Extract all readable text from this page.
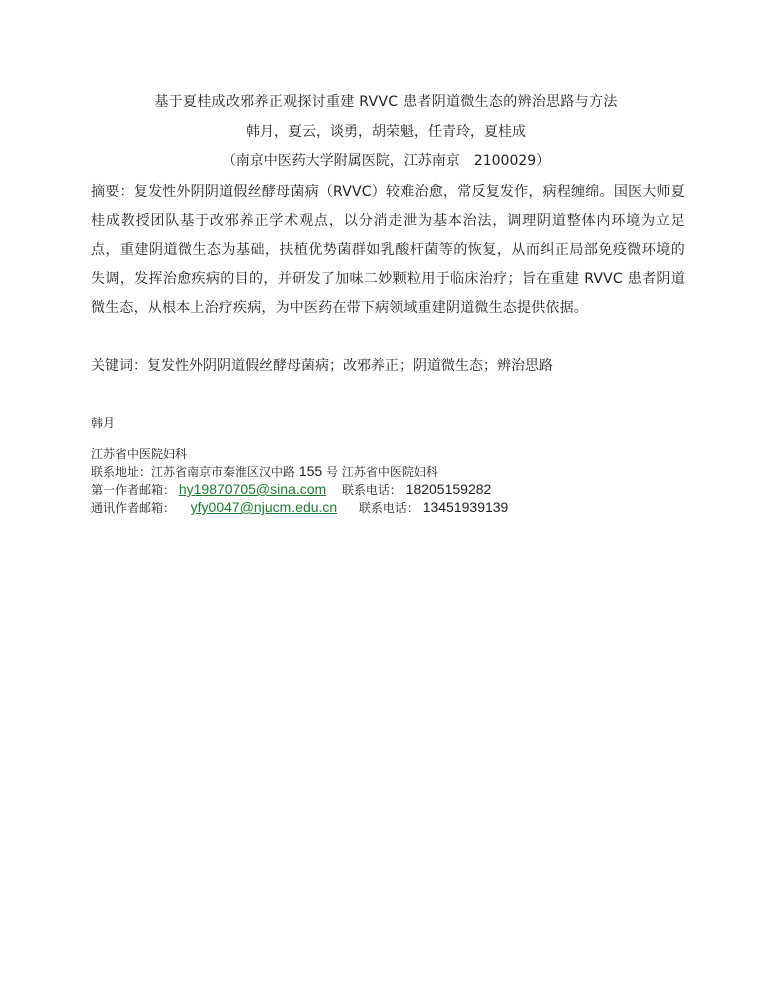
基于夏桂成改邪养正观探讨重建 RVVC 患者阴道微生态的辨治思路与方法
韩月，夏云，谈勇，胡荣魁，任青玲，夏桂成
（南京中医药大学附属医院，江苏南京　2100029）

摘要：复发性外阴阴道假丝酵母菌病（RVVC）较难治愈，常反复发作，病程缠绵。国医大师夏桂成教授团队基于改邪养正学术观点，以分消走泄为基本治法，调理阴道整体内环境为立足点，重建阴道微生态为基础，扶植优势菌群如乳酸杆菌等的恢复，从而纠正局部免疫微环境的失调，发挥治愈疾病的目的，并研发了加味二妙颗粒用于临床治疗；旨在重建 RVVC 患者阴道微生态，从根本上治疗疾病，为中医药在带下病领域重建阴道微生态提供依据。

关键词：复发性外阴阴道假丝酵母菌病；改邪养正；阴道微生态；辨治思路
韩月
江苏省中医院妇科
联系地址：江苏省南京市秦淮区汉中路 155 号 江苏省中医院妇科
第一作者邮箱： hy19870705@sina.com 联系电话： 18205159282
通讯作者邮箱： yfy0047@njucm.edu.cn 联系电话： 13451939139
